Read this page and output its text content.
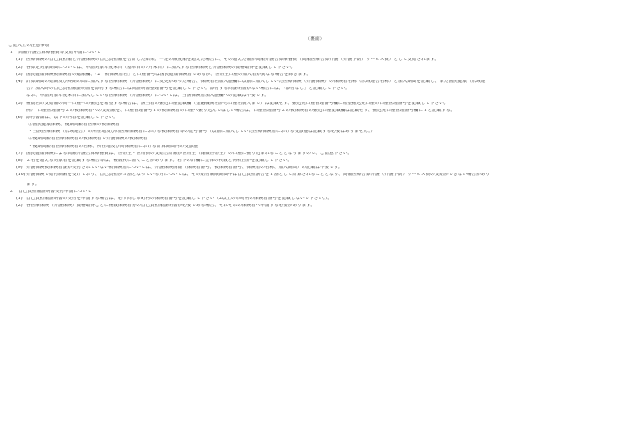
（裏面）
ご記入上の注意事項
１　高額介護合算療養費等支給申請について
(1) 医療保険の自己負担額と介護保険の自己負担額を合計した結果、一定の限度額を超えた場合に、その超えた額が高額介護合算療養費（高額医療合算介護（介護予防）サービス費）として支給されます。
(2) 各算定対象期間については、申請対象年度末日（基準日の7月末日）に加入する医療保険と介護保険の資格取得を記載して下さい。
(3) 国民健康保険被保険者の総額欄、「2　被保険者名」と口座番号は国民健康保険者であるが、世帯主口座の加入者が異なる場合を除きます。
(4) 計算期間の始期及び終期の間に加入する医療保険（介護保険）に変更があった場合、保険者名加入歴欄に以前に加入していた医療保険（介護保険）の保険者名称（広域連合名称）と加入期間を記載し、また国民健康（広域連
合）加入時の自己負担額証明書を添付する場合には同証明書整理番号を記載して下さい。添付する同証明書がない場合には、「添付なし」と記載して下さい。
なお、申請対象年度末日に加入している医療保険（介護保険）については、当該保険者加入歴欄への記載は不要です。
(5) 複数名の支給額の同一口座への振込を希望する場合は、該当者の振込口座記載欄（金融機関名から口座名義人まで）は記載せず、振込先口座管理番号欄に希望振込先口座の口座管理番号を記載して下さい。
例）　口座管理番号２の被保険者への支給額を、口座管理番号１の被保険者の口座へ振り込んでほしい場合は、口座管理番号２の被保険者の振込口座記載欄は記載せず、振込先口座管理番号欄に１と記載する。
(6) 添付書類は、以下の内容を記載して下さい。
①国民健康保険、後期高齢者医療の被保険者
・当該医療保険（広域連合）の所在地及び同医療保険者における被保険者等の記号番号（以前に加入していた医療保険者における受診歴は記載する必要はありません。）
②後期高齢者医療保険者の被保険者で介護保険の被保険者
・後期高齢者医療保険者の名称、所在地及び同保険者における計算期間内の受診歴
(7) 国民健康保険による高額介護合算療養費は、世帯主・世帯員の支給合計額が世帯主（報償世帯主）の口座に振り込まれることとなりますので、ご留意下さい。
(8) ２名を超える対象者を記載する場合等は、複数枚に書くことがあります。右下の計欄に全体の枚数と何枚目かを記載して下さい。
(9) 介護保険被保険者証が交付されていない被保険者については、介護保険情報（保険者番号、被保険者番号、保険者の名称、加入期間）の記載は不要です。
(10) 介護保険で給付制限を受けており、自己負担が３割となっている方については、その給付制限期間中は自己負担割合を１割として計算されることとなり、高額医療合算介護（介護予防）サービス費の支給ができない場合があり
ます。
２　自己負担額証明書交付申請について
(1) 自己負担額証明書の交付を申請する場合は、必ず同じ市町村の保険者番号を記載して下さい（2以上の市町村の保険者番号を記載しないで下さい。）。
(2) 各医療保険（介護保険）資格取得ごとに複数保険者分の自己負担額証明書が必要である場合、それぞれの保険者へ申請する必要があります。
